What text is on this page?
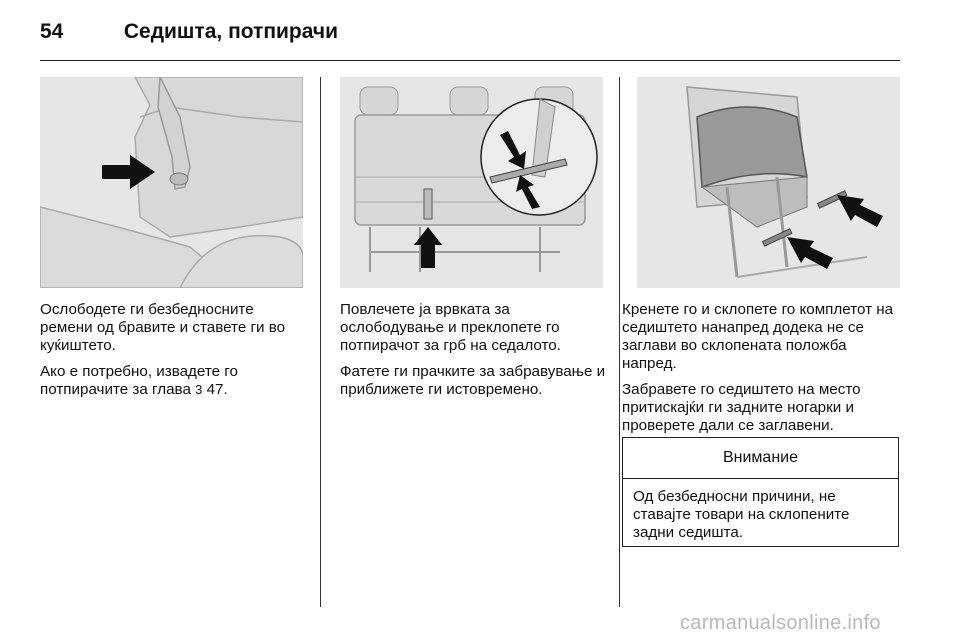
54	Седишта, потпирачи

Ослободете ги безбедносните ремени од бравите и ставете ги во куќиштето.

Ако е потребно, извадете го потпирачите за глава 3 47.

Повлечете ја врвката за ослободување и преклопете го потпирачот за грб на седалото.

Фатете ги прачките за забравување и приближете ги истовремено.

Кренете го и склопете го комплетот на седиштето нанапред додека не се заглави во склопената положба напред.

Забравете го седиштето на место притискајќи ги задните ногарки и проверете дали се заглавени.

Внимание
Од безбедносни причини, не ставајте товари на склопените задни седишта.
carmanualsonline.info
